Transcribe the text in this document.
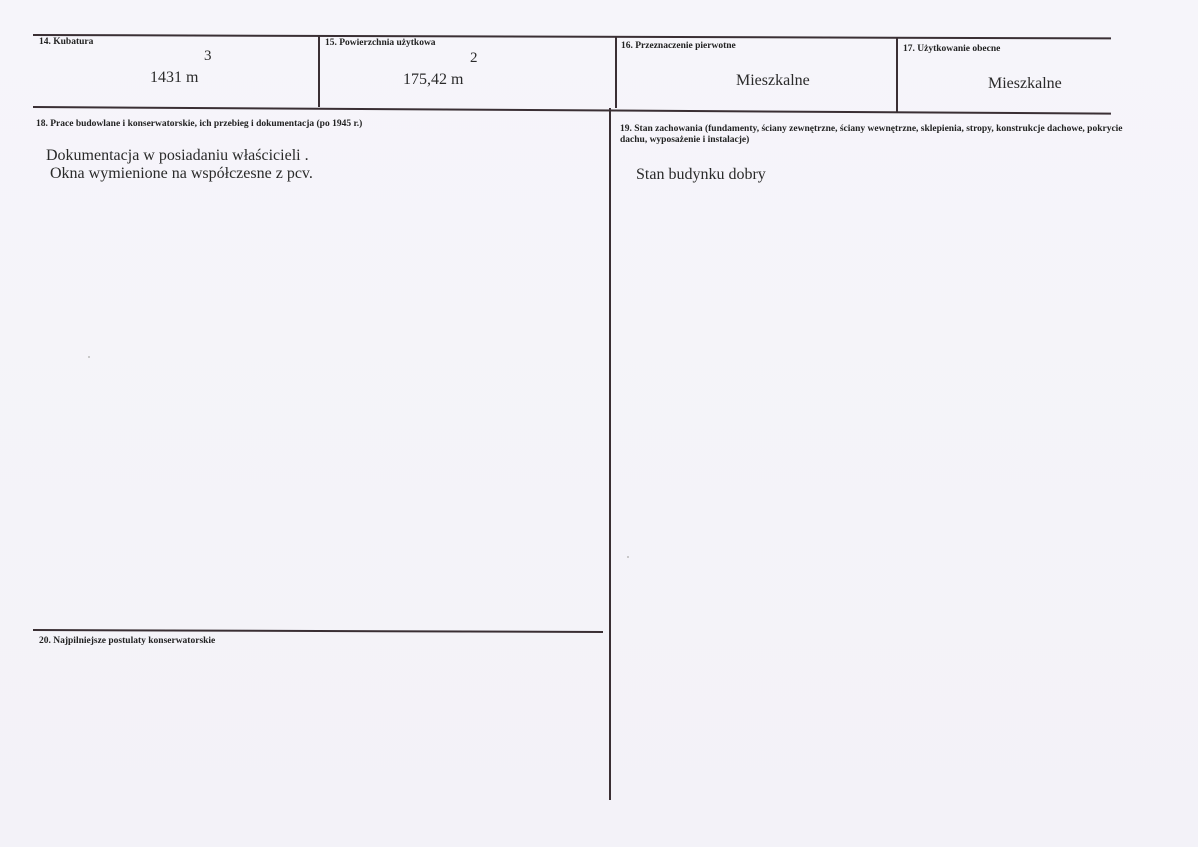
14. Kubatura
3
1431 m
15. Powierzchnia użytkowa
2
175,42 m
16. Przeznaczenie pierwotne
Mieszkalne
17. Użytkowanie obecne
Mieszkalne
18. Prace budowlane i konserwatorskie, ich przebieg i dokumentacja (po 1945 r.)
Dokumentacja w posiadaniu właścicieli .
Okna wymienione na współczesne z pcv.
19. Stan zachowania (fundamenty, ściany zewnętrzne, ściany wewnętrzne, sklepienia, stropy, konstrukcje dachowe, pokrycie dachu, wyposażenie i instalacje)
Stan budynku dobry
20. Najpilniejsze postulaty konserwatorskie
